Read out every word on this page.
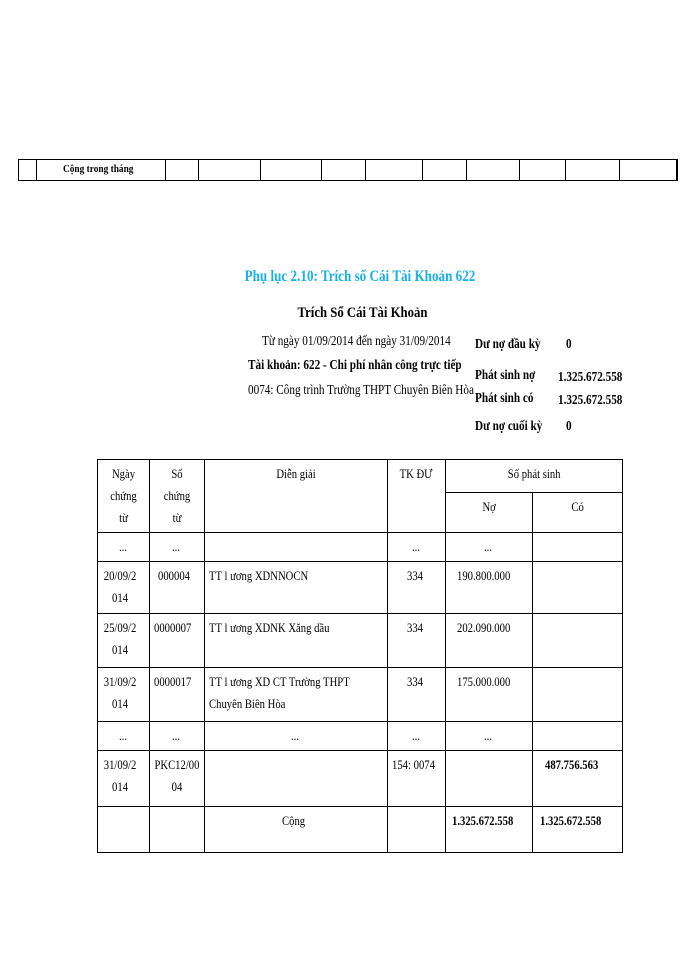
Cộng trong tháng
Phụ lục 2.10: Trích sổ Cái Tài Khoản 622
Trích Sổ Cái Tài Khoản
Từ ngày 01/09/2014 đến ngày 31/09/2014
Tài khoản: 622 - Chi phí nhân công trực tiếp
0074: Công trình Trường THPT Chuyên Biên Hòa
Dư nợ đầu kỳ 0
Phát sinh nợ 1.325.672.558
Phát sinh có 1.325.672.558
Dư nợ cuối kỳ 0
Ngày chứng từ	Số chứng từ	Diễn giải	TK ĐƯ	Số phát sinh	
				Nợ	Có
...	...		...	...	
20/09/2014	000004	TT l ương XDNNOCN	334	190.800.000	
25/09/2014	0000007	TT l ương XDNK Xăng dầu	334	202.090.000	
31/09/2014	0000017	TT l ương XD CT Trường THPT Chuyên Biên Hòa	334	175.000.000	
...	...	...	...	...	
31/09/2014	PKC12/0004		154: 0074		487.756.563
		Cộng		1.325.672.558	1.325.672.558
